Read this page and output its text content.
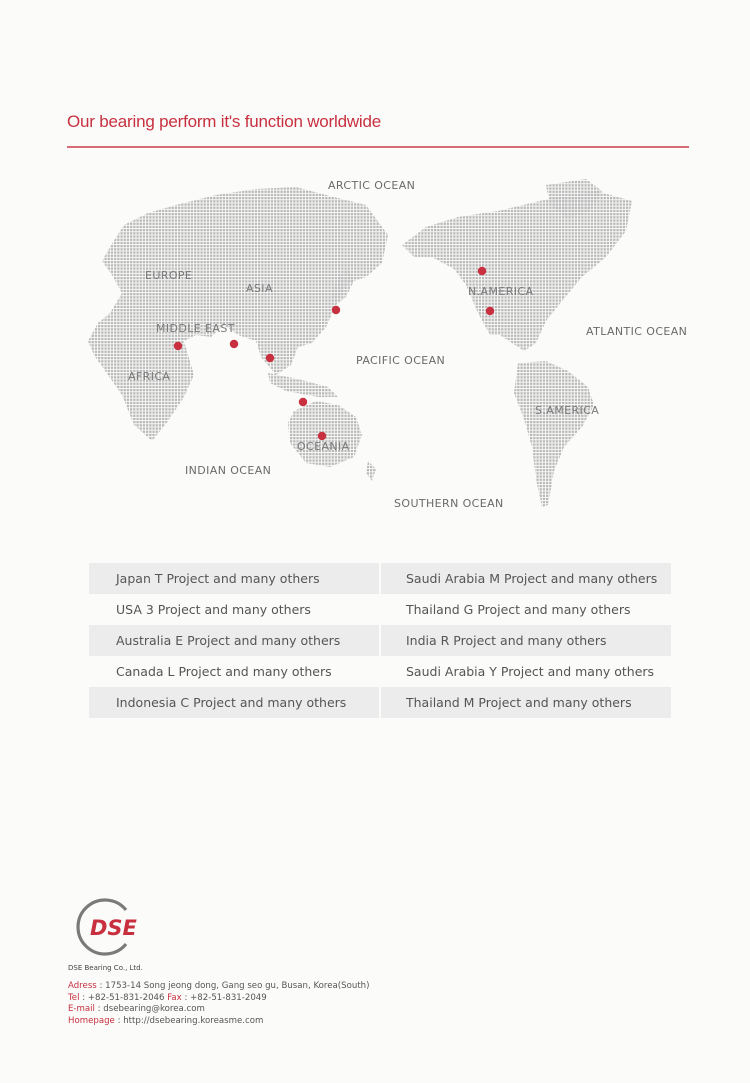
Our bearing perform it's function worldwide
ARCTIC OCEAN
EUROPE
ASIA
MIDDLE EAST
AFRICA
PACIFIC OCEAN
INDIAN OCEAN
OCEANIA
N.AMERICA
ATLANTIC OCEAN
S.AMERICA
SOUTHERN OCEAN
Japan T Project and many others	Saudi Arabia M Project and many others
USA 3 Project and many others	Thailand G Project and many others
Australia E Project and many others	India R Project and many others
Canada L Project and many others	Saudi Arabia Y Project and many others
Indonesia C Project and many others	Thailand M Project and many others
DSE
DSE Bearing Co., Ltd.
Adress : 1753-14 Song jeong dong, Gang seo gu, Busan, Korea(South)
Tel : +82-51-831-2046 Fax : +82-51-831-2049
E-mail : dsebearing@korea.com
Homepage : http://dsebearing.koreasme.com
